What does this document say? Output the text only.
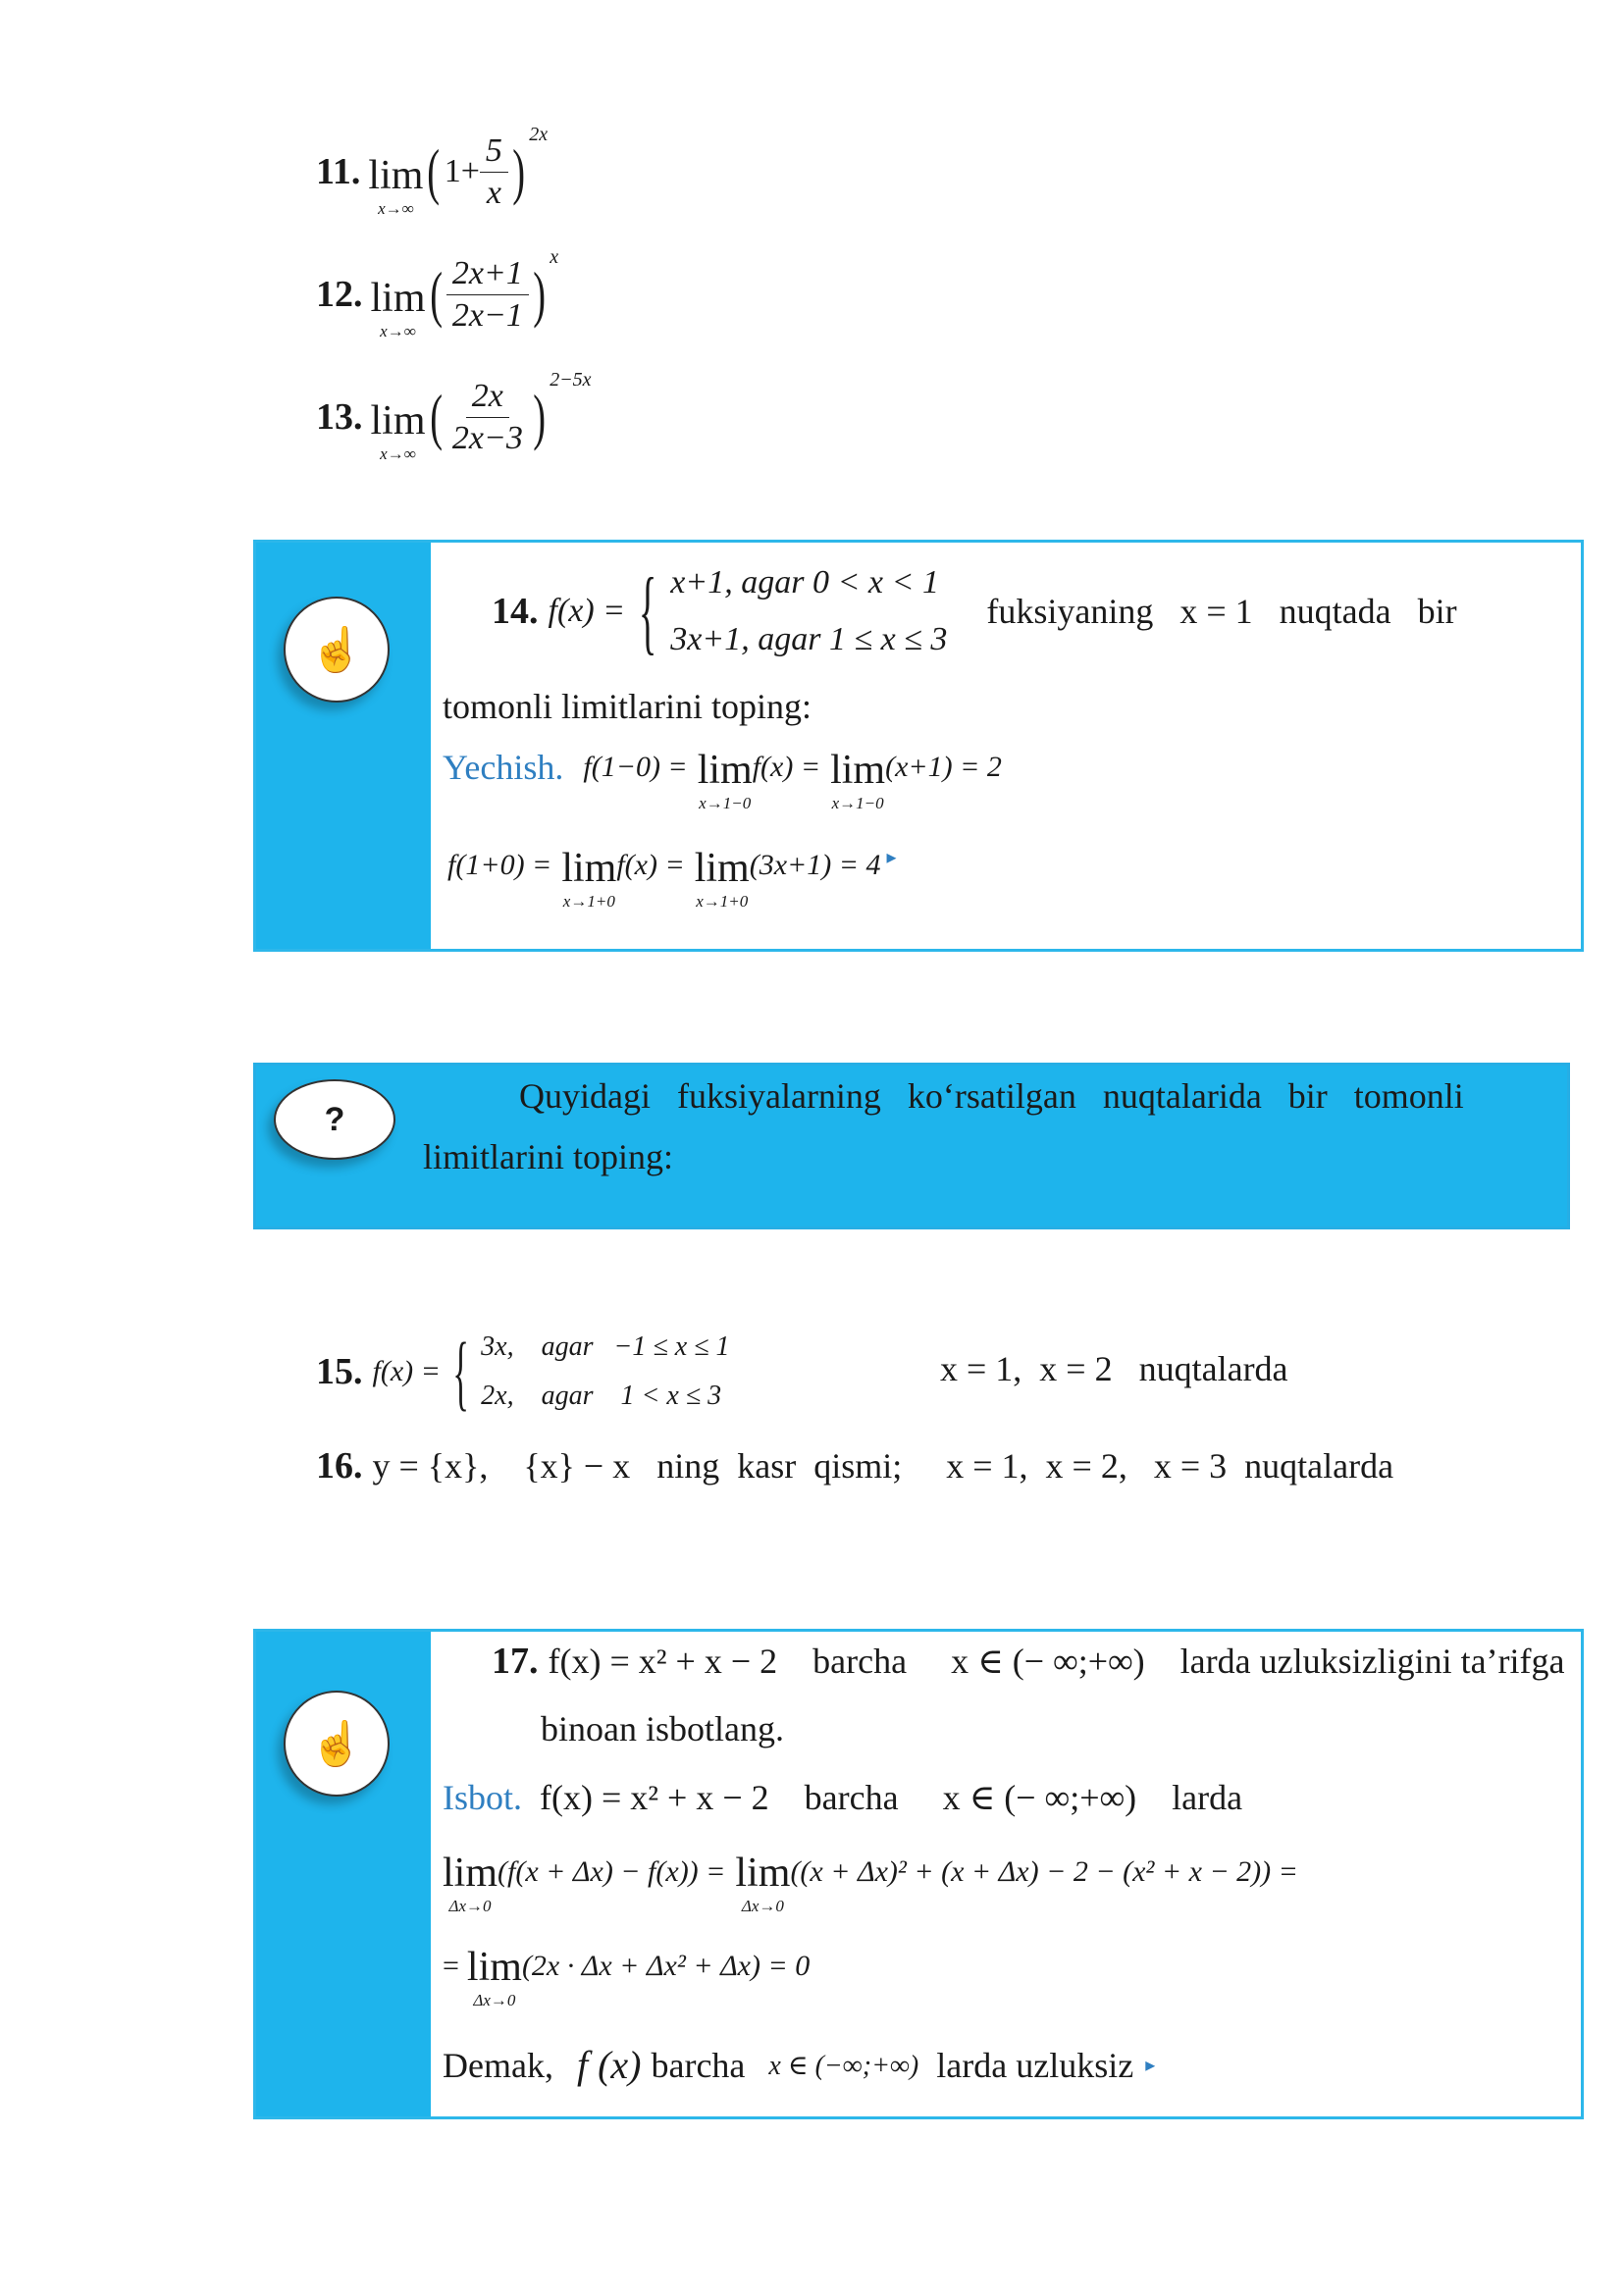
11. lim
x→∞
( $1+ \frac{5}{x}$ )
2x
12. lim
x→∞
( $\frac{2x+1}{2x-1}$ )
x
13. lim
x→∞
( $\frac{2x}{2x-3}$ )
2−5x
☝
14. f(x) = { x+1, agar 0 < x < 1
3x+1, agar 1 ≤ x ≤ 3
fuksiyaning   x = 1   nuqtada   bir
tomonli limitlarini toping:
Yechish. f(1−0) = lim
x→1−0
f(x) = lim
x→1−0
(x+1) = 2
f(1+0) = lim
x→1+0
f(x) = lim
x→1+0
(3x+1) = 4 ▸
?
Quyidagi   fuksiyalarning   ko‘rsatilgan   nuqtalarida   bir   tomonli
limitlarini toping:
15. f(x) = { 3x,    agar   −1 ≤ x ≤ 1
2x,    agar    1 < x ≤ 3
x = 1,  x = 2   nuqtalarda
16. y = {x},    {x} − x   ning  kasr  qismi;     x = 1,  x = 2,   x = 3  nuqtalarda
☝
17. f(x) = x² + x − 2    barcha     x ∈ (− ∞;+∞)    larda uzluksizligini ta’rifga
binoan isbotlang.
Isbot. f(x) = x² + x − 2    barcha     x ∈ (− ∞;+∞)    larda
lim
Δx→0
(f(x + Δx) − f(x)) = lim
Δx→0
((x + Δx)² + (x + Δx) − 2 − (x² + x − 2)) =
= lim
Δx→0
(2x · Δx + Δx² + Δx) = 0
Demak, f (x) barcha x ∈ (−∞;+∞) larda uzluksiz ▸
